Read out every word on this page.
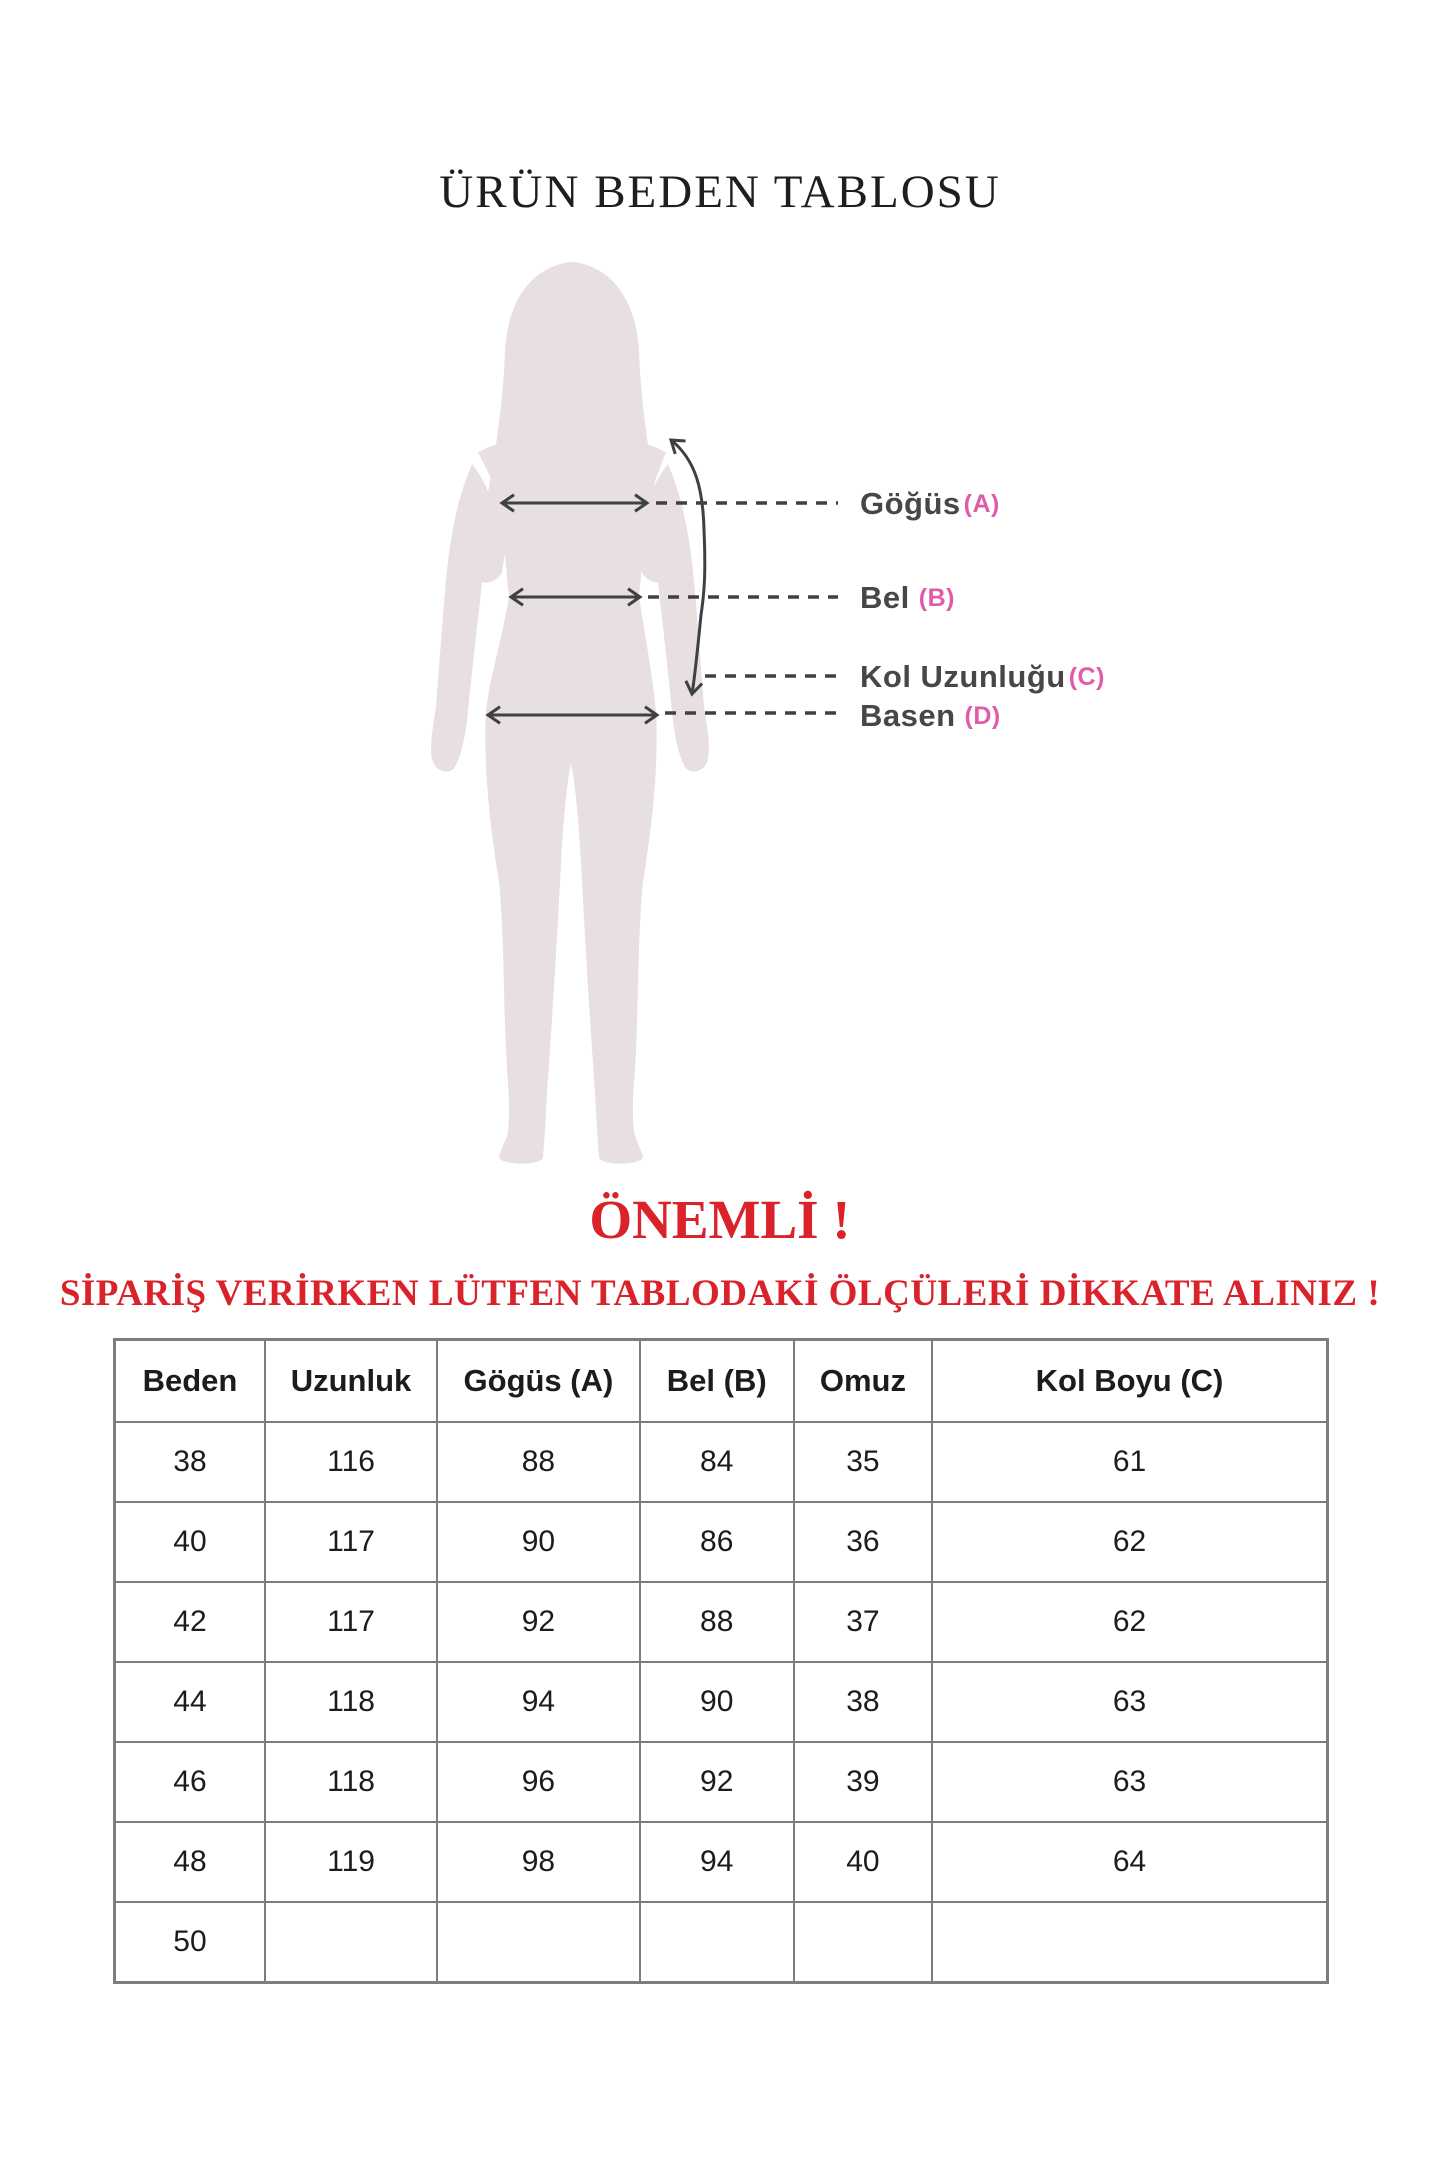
ÜRÜN BEDEN TABLOSU
Göğüs (A)
Bel (B)
Kol Uzunluğu (C)
Basen (D)
ÖNEMLİ !
SİPARİŞ VERİRKEN LÜTFEN TABLODAKİ ÖLÇÜLERİ DİKKATE ALINIZ !
Beden	Uzunluk	Gögüs (A)	Bel (B)	Omuz	Kol Boyu (C)
38	116	88	84	35	61
40	117	90	86	36	62
42	117	92	88	37	62
44	118	94	90	38	63
46	118	96	92	39	63
48	119	98	94	40	64
50					
